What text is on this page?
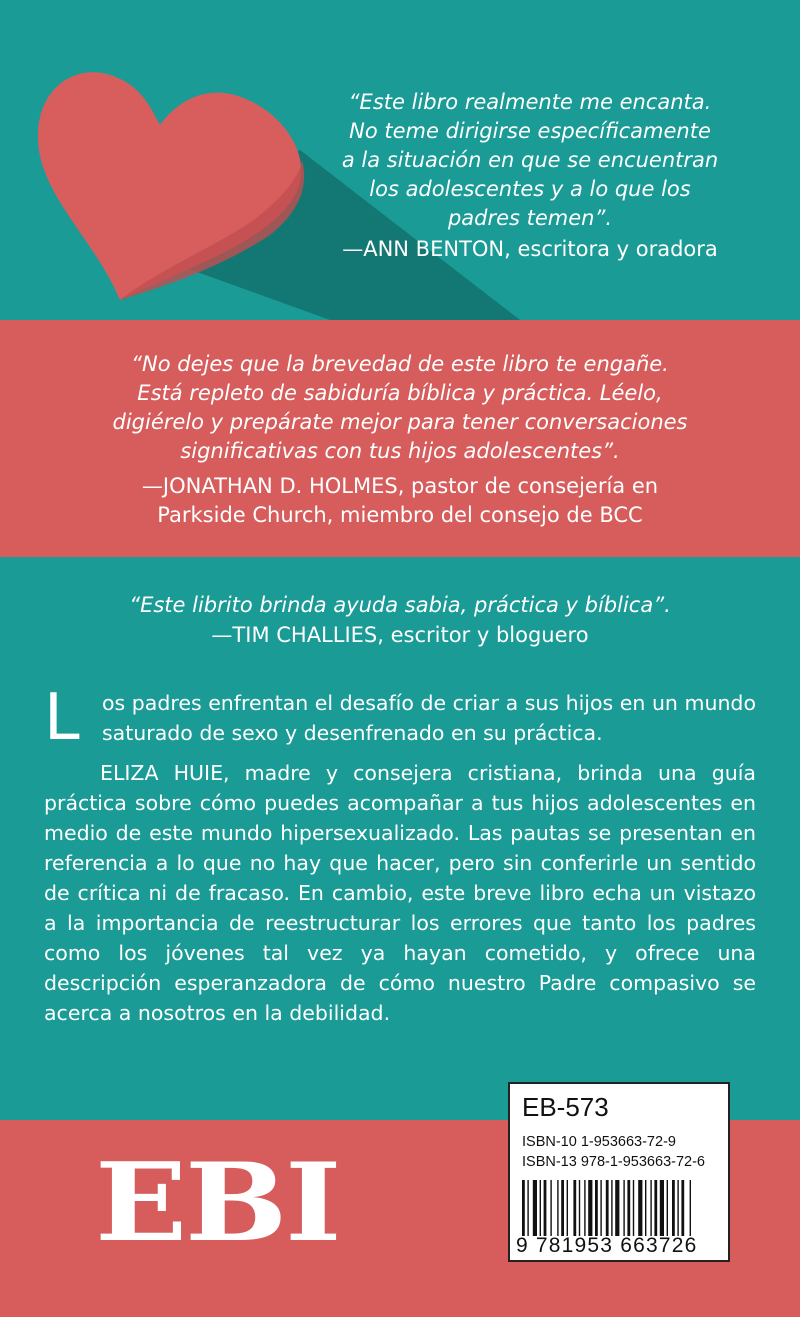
“Este libro realmente me encanta.
No teme dirigirse específicamente
a la situación en que se encuentran
los adolescentes y a lo que los
padres temen”.
—ANN BENTON, escritora y oradora
“No dejes que la brevedad de este libro te engañe.
Está repleto de sabiduría bíblica y práctica. Léelo,
digiérelo y prepárate mejor para tener conversaciones
significativas con tus hijos adolescentes”.
—JONATHAN D. HOLMES, pastor de consejería en
Parkside Church, miembro del consejo de BCC
“Este librito brinda ayuda sabia, práctica y bíblica”.
—TIM CHALLIES, escritor y bloguero
L os padres enfrentan el desafío de criar a sus hijos en un mundo saturado de sexo y desenfrenado en su práctica.
ELIZA HUIE, madre y consejera cristiana, brinda una guía práctica sobre cómo puedes acompañar a tus hijos adolescentes en medio de este mundo hipersexualizado. Las pautas se presentan en referencia a lo que no hay que hacer, pero sin conferirle un sentido de crítica ni de fracaso. En cambio, este breve libro echa un vistazo a la importancia de reestructurar los errores que tanto los padres como los jóvenes tal vez ya hayan cometido, y ofrece una descripción esperanzadora de cómo nuestro Padre compasivo se acerca a nosotros en la debilidad.
EBI
EB-573
ISBN-10 1-953663-72-9
ISBN-13 978-1-953663-72-6
9 781953 663726
